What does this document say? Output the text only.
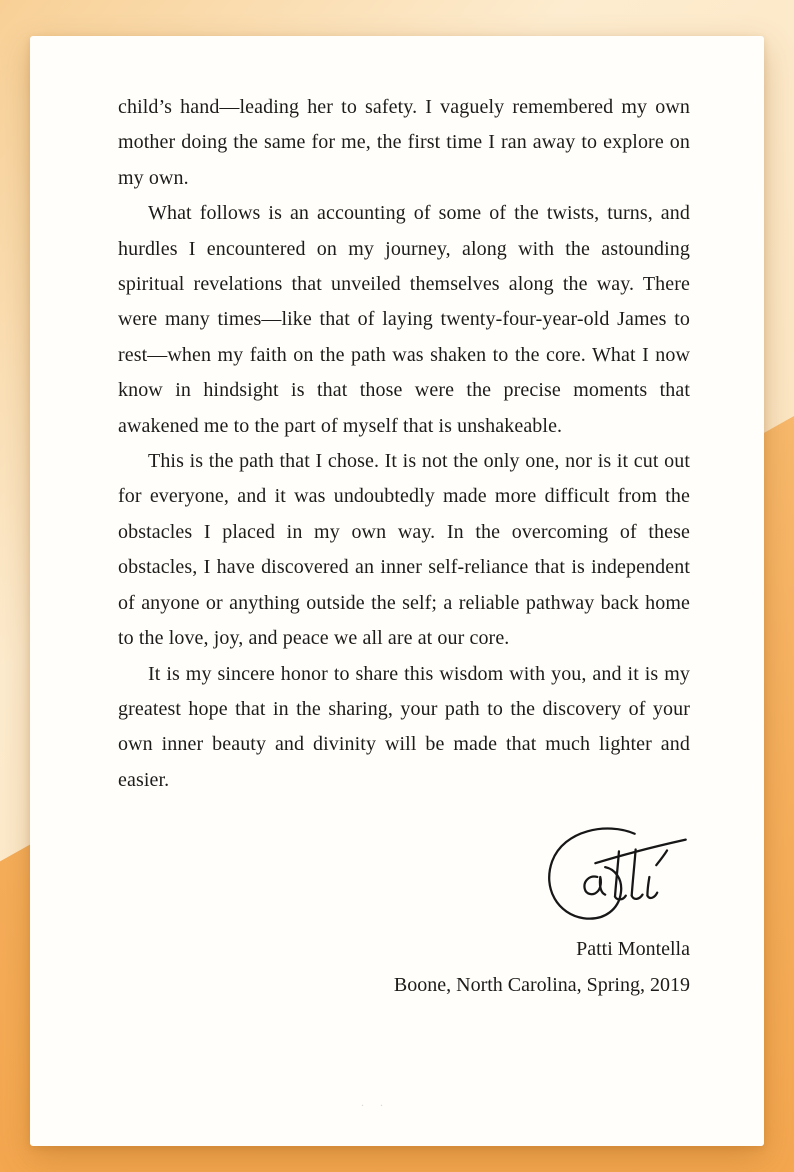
child’s hand—leading her to safety. I vaguely remembered my own mother doing the same for me, the first time I ran away to explore on my own.

What follows is an accounting of some of the twists, turns, and hurdles I encountered on my journey, along with the astounding spiritual revelations that unveiled themselves along the way. There were many times—like that of laying twenty-four-year-old James to rest—when my faith on the path was shaken to the core. What I now know in hindsight is that those were the precise moments that awakened me to the part of myself that is unshakeable.

This is the path that I chose. It is not the only one, nor is it cut out for everyone, and it was undoubtedly made more difficult from the obstacles I placed in my own way. In the overcoming of these obstacles, I have discovered an inner self-reliance that is independent of anyone or anything outside the self; a reliable pathway back home to the love, joy, and peace we all are at our core.

It is my sincere honor to share this wisdom with you, and it is my greatest hope that in the sharing, your path to the discovery of your own inner beauty and divinity will be made that much lighter and easier.

Patti Montella
Boone, North Carolina, Spring, 2019
· ·
